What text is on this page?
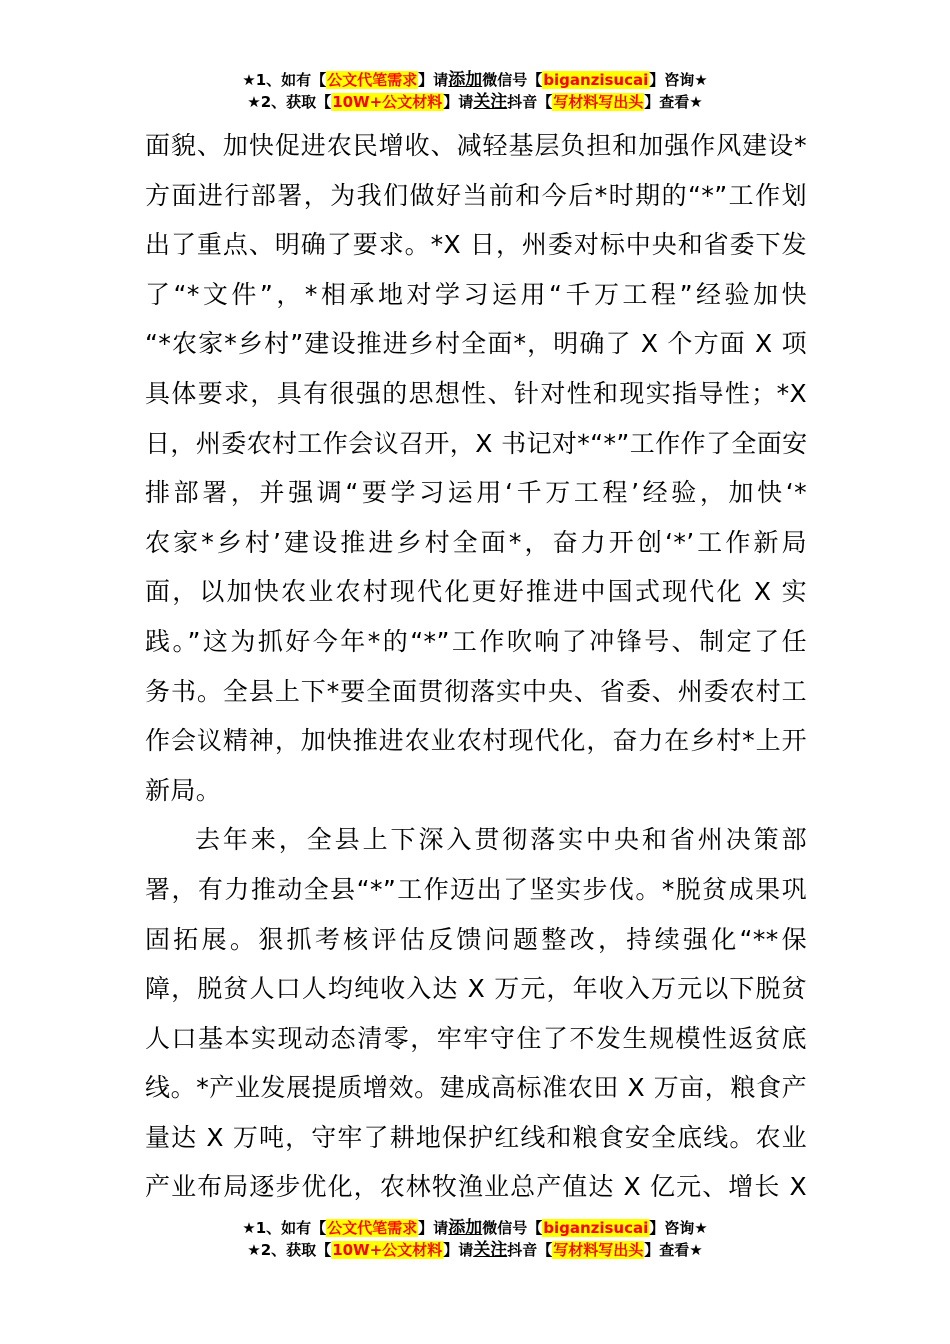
★1、如有【公文代笔需求】请添加微信号【biganzisucai】咨询★
★2、获取【10W+公文材料】请关注抖音【写材料写出头】查看★
面貌、加快促进农民增收、减轻基层负担和加强作风建设*
方面进行部署，为我们做好当前和今后*时期的“*”工作划
出了重点、明确了要求。*X 日，州委对标中央和省委下发
了“*文件”，*相承地对学习运用“千万工程”经验加快
“*农家*乡村”建设推进乡村全面*，明确了 X 个方面 X 项
具体要求，具有很强的思想性、针对性和现实指导性；*X
日，州委农村工作会议召开，X 书记对*“*”工作作了全面安
排部署，并强调“要学习运用‘千万工程’经验，加快‘*
农家*乡村’建设推进乡村全面*，奋力开创‘*’工作新局
面，以加快农业农村现代化更好推进中国式现代化 X 实
践。”这为抓好今年*的“*”工作吹响了冲锋号、制定了任
务书。全县上下*要全面贯彻落实中央、省委、州委农村工
作会议精神，加快推进农业农村现代化，奋力在乡村*上开
新局。
去年来，全县上下深入贯彻落实中央和省州决策部
署，有力推动全县“*”工作迈出了坚实步伐。*脱贫成果巩
固拓展。狠抓考核评估反馈问题整改，持续强化“**保
障，脱贫人口人均纯收入达 X 万元，年收入万元以下脱贫
人口基本实现动态清零，牢牢守住了不发生规模性返贫底
线。*产业发展提质增效。建成高标准农田 X 万亩，粮食产
量达 X 万吨，守牢了耕地保护红线和粮食安全底线。农业
产业布局逐步优化，农林牧渔业总产值达 X 亿元、增长 X
★1、如有【公文代笔需求】请添加微信号【biganzisucai】咨询★
★2、获取【10W+公文材料】请关注抖音【写材料写出头】查看★
